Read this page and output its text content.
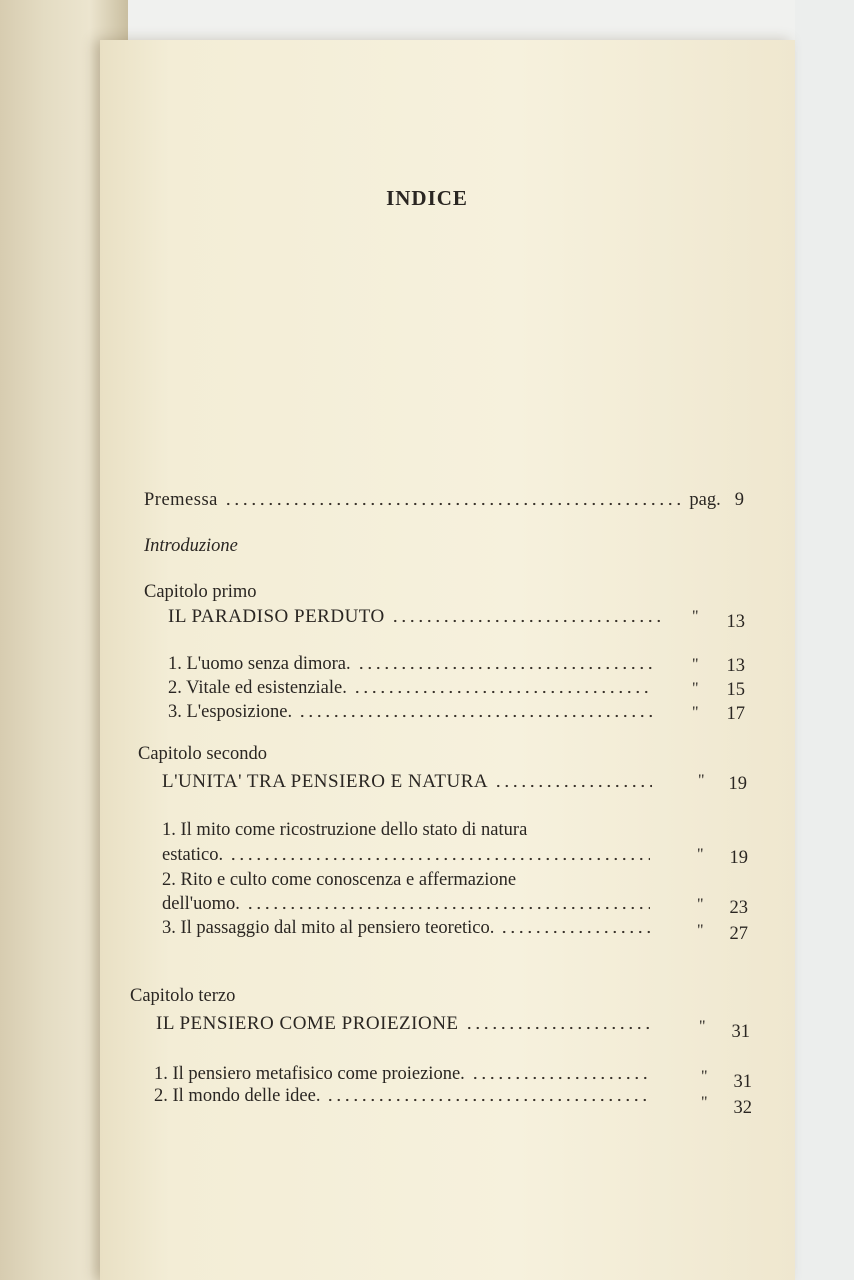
INDICE
Premessa	pag. 9
Introduzione
Capitolo primo
IL PARADISO PERDUTO	"	13
1. L'uomo senza dimora.	"	13
2. Vitale ed esistenziale.	"	15
3. L'esposizione.	"	17
Capitolo secondo
L'UNITA' TRA PENSIERO E NATURA	"	19
1. Il mito come ricostruzione dello stato di natura
estatico.	"	19
2. Rito e culto come conoscenza e affermazione
dell'uomo.	"	23
3. Il passaggio dal mito al pensiero teoretico.	"	27
Capitolo terzo
IL PENSIERO COME PROIEZIONE	"	31
1. Il pensiero metafisico come proiezione.	"	31
2. Il mondo delle idee.	"	32
